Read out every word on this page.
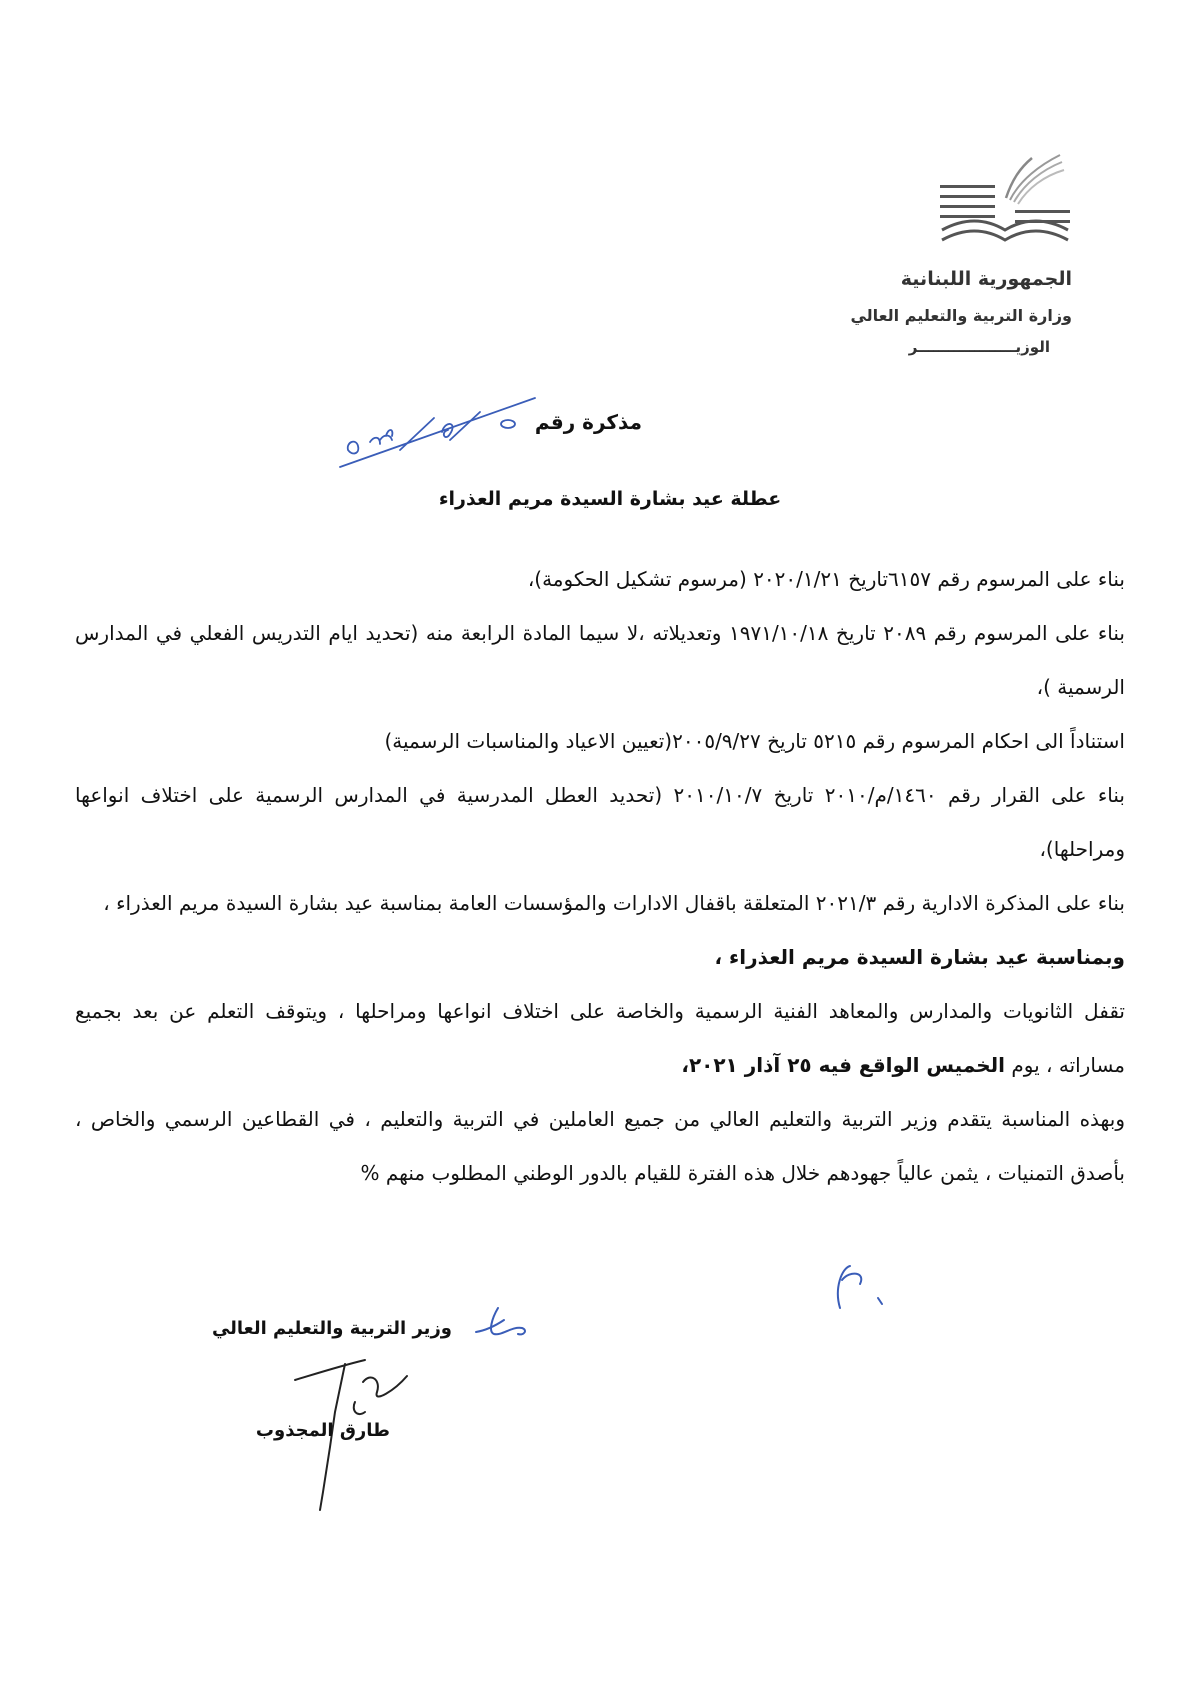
الجمهورية اللبنانية
وزارة التربية والتعليم العالي
الوزيـــــــــــــــــــر
مذكرة رقم
عطلة عيد بشارة السيدة مريم العذراء

بناء على المرسوم رقم ٦١٥٧تاريخ ٢٠٢٠/١/٢١ (مرسوم تشكيل الحكومة)،

بناء على المرسوم رقم ٢٠٨٩ تاريخ ١٩٧١/١٠/١٨ وتعديلاته ،لا سيما المادة الرابعة منه (تحديد ايام التدريس الفعلي في المدارس الرسمية )،

استناداً الى احكام المرسوم رقم ٥٢١٥ تاريخ ٢٠٠٥/٩/٢٧(تعيين الاعياد والمناسبات الرسمية)

بناء على القرار رقم ١٤٦٠/م/٢٠١٠ تاريخ ٢٠١٠/١٠/٧ (تحديد العطل المدرسية في المدارس الرسمية على اختلاف انواعها ومراحلها)،

بناء على المذكرة الادارية رقم ٢٠٢١/٣ المتعلقة باقفال الادارات والمؤسسات العامة بمناسبة عيد بشارة السيدة مريم العذراء ،

وبمناسبة عيد بشارة السيدة مريم العذراء ،

تقفل الثانويات والمدارس والمعاهد الفنية الرسمية والخاصة على اختلاف انواعها ومراحلها ، ويتوقف التعلم عن بعد بجميع مساراته ، يوم الخميس الواقع فيه ٢٥ آذار ٢٠٢١،

وبهذه المناسبة يتقدم وزير التربية والتعليم العالي من جميع العاملين في التربية والتعليم ، في القطاعين الرسمي والخاص ، بأصدق التمنيات ، يثمن عالياً جهودهم خلال هذه الفترة للقيام بالدور الوطني المطلوب منهم %

وزير التربية والتعليم العالي
طارق المجذوب
